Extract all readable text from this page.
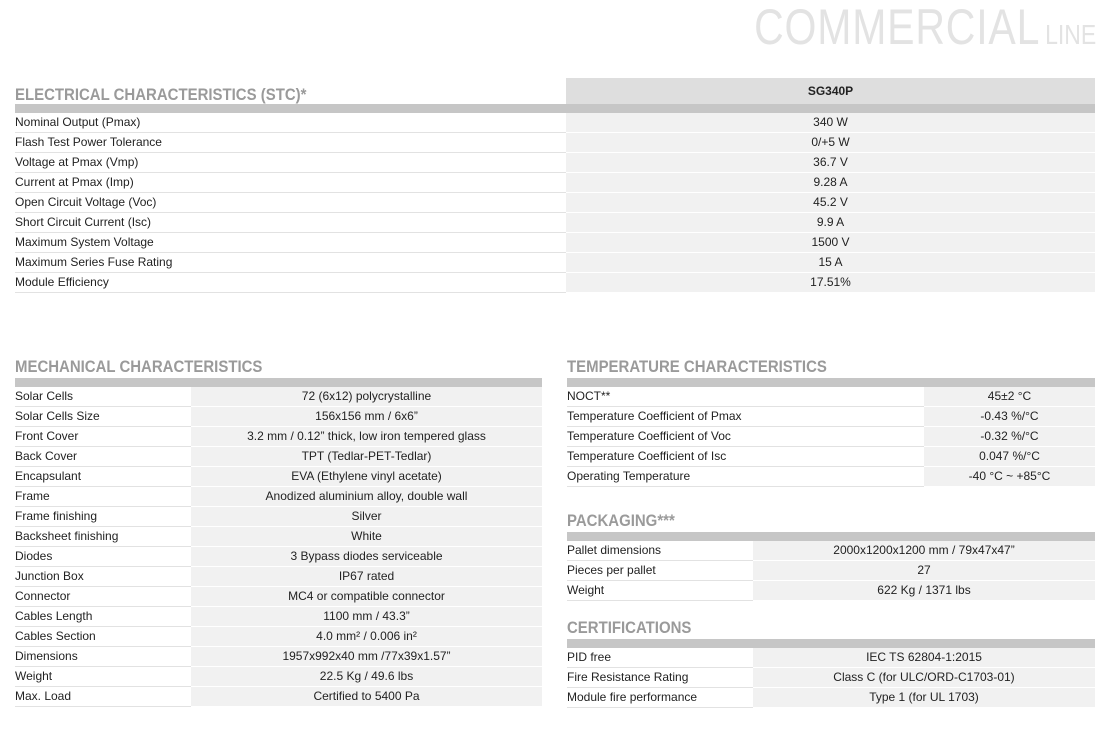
COMMERCIAL LINE
ELECTRICAL CHARACTERISTICS (STC)*	SG340P
Nominal Output (Pmax)	340 W
Flash Test Power Tolerance	0/+5 W
Voltage at Pmax (Vmp)	36.7 V
Current at Pmax (Imp)	9.28 A
Open Circuit Voltage (Voc)	45.2 V
Short Circuit Current (Isc)	9.9 A
Maximum System Voltage	1500 V
Maximum Series Fuse Rating	15 A
Module Efficiency	17.51%
MECHANICAL CHARACTERISTICS
Solar Cells	72 (6x12) polycrystalline
Solar Cells Size	156x156 mm / 6x6”
Front Cover	3.2 mm / 0.12” thick, low iron tempered glass
Back Cover	TPT (Tedlar-PET-Tedlar)
Encapsulant	EVA (Ethylene vinyl acetate)
Frame	Anodized aluminium alloy, double wall
Frame finishing	Silver
Backsheet finishing	White
Diodes	3 Bypass diodes serviceable
Junction Box	IP67 rated
Connector	MC4 or compatible connector
Cables Length	1100 mm / 43.3”
Cables Section	4.0 mm² / 0.006 in²
Dimensions	1957x992x40 mm /77x39x1.57”
Weight	22.5 Kg / 49.6 lbs
Max. Load	Certified to 5400 Pa
TEMPERATURE CHARACTERISTICS
NOCT**	45±2 °C
Temperature Coefficient of Pmax	-0.43 %/°C
Temperature Coefficient of Voc	-0.32 %/°C
Temperature Coefficient of Isc	0.047 %/°C
Operating Temperature	-40 °C ~ +85°C
PACKAGING***
Pallet dimensions	2000x1200x1200 mm / 79x47x47”
Pieces per pallet	27
Weight	622 Kg / 1371 lbs
CERTIFICATIONS
PID free	IEC TS 62804-1:2015
Fire Resistance Rating	Class C (for ULC/ORD-C1703-01)
Module fire performance	Type 1 (for UL 1703)
